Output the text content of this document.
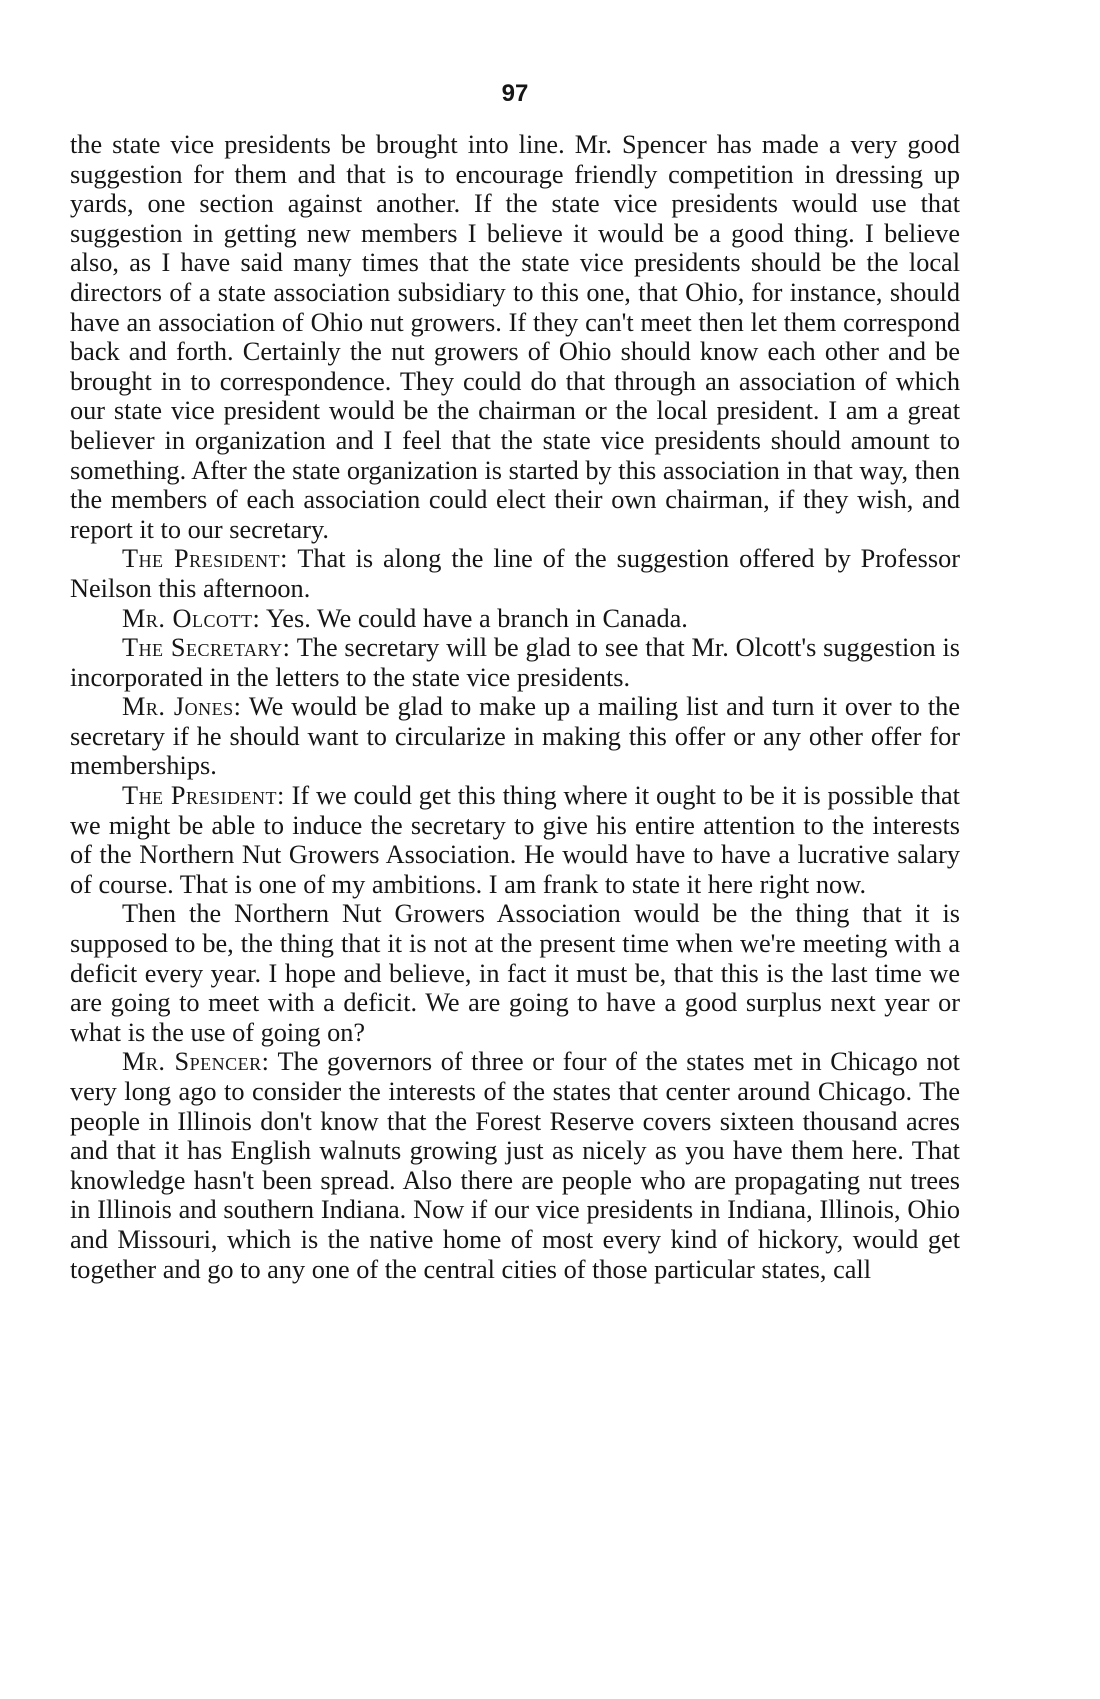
97

the state vice presidents be brought into line. Mr. Spencer has made a very good suggestion for them and that is to encourage friendly competition in dressing up yards, one section against another. If the state vice presidents would use that suggestion in getting new members I believe it would be a good thing. I believe also, as I have said many times that the state vice presidents should be the local directors of a state association subsidiary to this one, that Ohio, for instance, should have an association of Ohio nut growers. If they can't meet then let them correspond back and forth. Certainly the nut growers of Ohio should know each other and be brought in to correspondence. They could do that through an association of which our state vice president would be the chairman or the local president. I am a great believer in organization and I feel that the state vice presidents should amount to something. After the state organization is started by this association in that way, then the members of each association could elect their own chairman, if they wish, and report it to our secretary.

The President: That is along the line of the suggestion offered by Professor Neilson this afternoon.

Mr. Olcott: Yes. We could have a branch in Canada.

The Secretary: The secretary will be glad to see that Mr. Olcott's suggestion is incorporated in the letters to the state vice presidents.

Mr. Jones: We would be glad to make up a mailing list and turn it over to the secretary if he should want to circularize in making this offer or any other offer for memberships.

The President: If we could get this thing where it ought to be it is possible that we might be able to induce the secretary to give his entire attention to the interests of the Northern Nut Growers Association. He would have to have a lucrative salary of course. That is one of my ambitions. I am frank to state it here right now.

Then the Northern Nut Growers Association would be the thing that it is supposed to be, the thing that it is not at the present time when we're meeting with a deficit every year. I hope and believe, in fact it must be, that this is the last time we are going to meet with a deficit. We are going to have a good surplus next year or what is the use of going on?

Mr. Spencer: The governors of three or four of the states met in Chicago not very long ago to consider the interests of the states that center around Chicago. The people in Illinois don't know that the Forest Reserve covers sixteen thousand acres and that it has English walnuts growing just as nicely as you have them here. That knowledge hasn't been spread. Also there are people who are propagating nut trees in Illinois and southern Indiana. Now if our vice presidents in Indiana, Illinois, Ohio and Missouri, which is the native home of most every kind of hickory, would get together and go to any one of the central cities of those particular states, call
